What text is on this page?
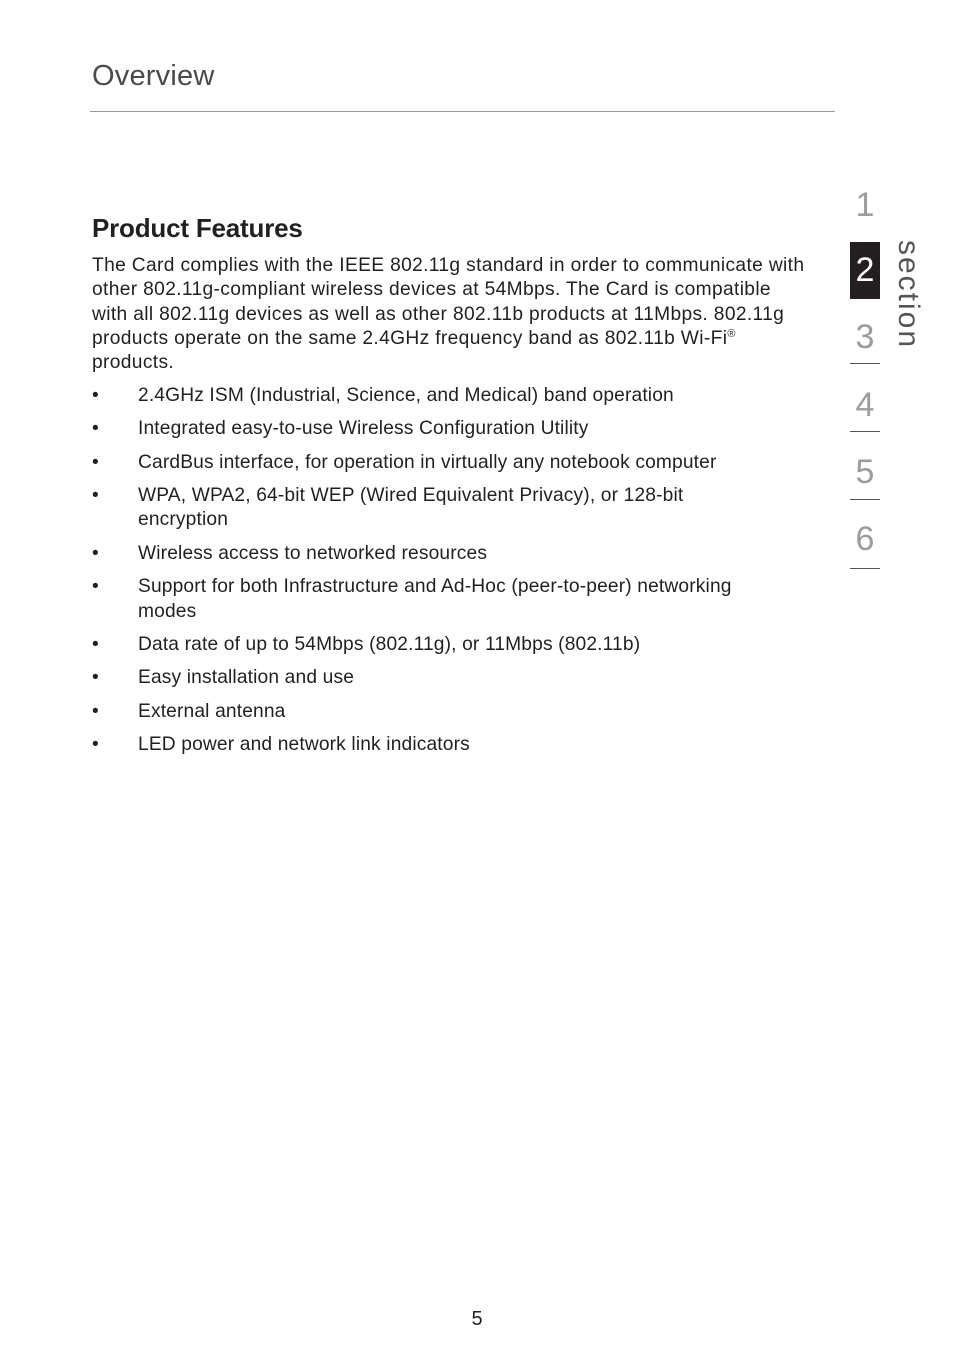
Overview
Product Features

The Card complies with the IEEE 802.11g standard in order to communicate with other 802.11g-compliant wireless devices at 54Mbps. The Card is compatible with all 802.11g devices as well as other 802.11b products at 11Mbps. 802.11g products operate on the same 2.4GHz frequency band as 802.11b Wi-Fi® products.

• 2.4GHz ISM (Industrial, Science, and Medical) band operation
• Integrated easy-to-use Wireless Configuration Utility
• CardBus interface, for operation in virtually any notebook computer
• WPA, WPA2, 64-bit WEP (Wired Equivalent Privacy), or 128-bit encryption
• Wireless access to networked resources
• Support for both Infrastructure and Ad-Hoc (peer-to-peer) networking modes
• Data rate of up to 54Mbps (802.11g), or 11Mbps (802.11b)
• Easy installation and use
• External antenna
• LED power and network link indicators
1
2
3
4
5
6
section
5
